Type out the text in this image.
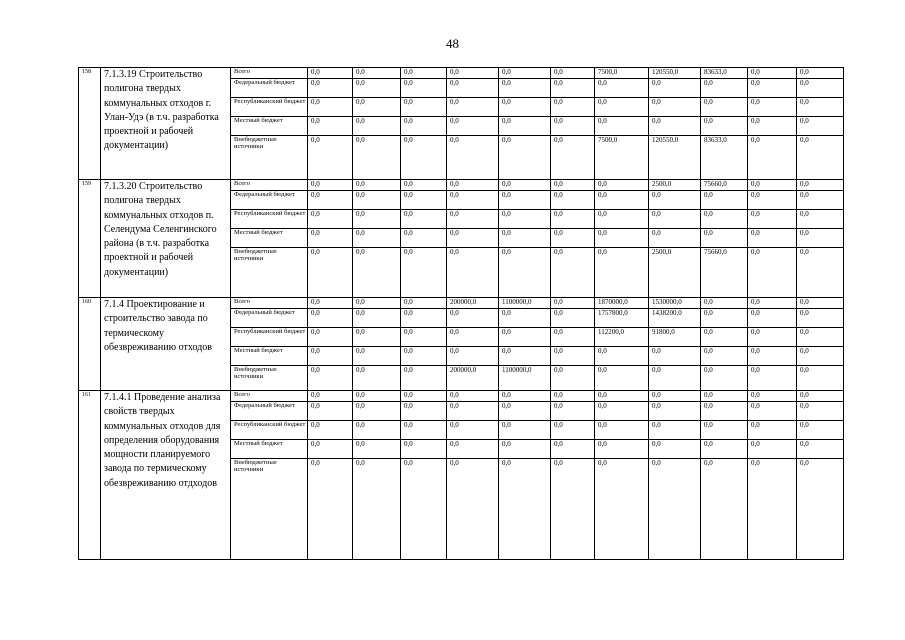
48
158	7.1.3.19 Строительство полигона твердых коммунальных отходов г. Улан-Удэ (в т.ч. разработка проектной и рабочей документации)	Всего	0,0	0,0	0,0	0,0	0,0	0,0	7500,0	120550,0	83633,0	0,0	0,0
		Федеральный бюджет	0,0	0,0	0,0	0,0	0,0	0,0	0,0	0,0	0,0	0,0	0,0
		Республиканский бюджет	0,0	0,0	0,0	0,0	0,0	0,0	0,0	0,0	0,0	0,0	0,0
		Местный бюджет	0,0	0,0	0,0	0,0	0,0	0,0	0,0	0,0	0,0	0,0	0,0
		Внебюджетные источники	0,0	0,0	0,0	0,0	0,0	0,0	7500,0	120550,0	83633,0	0,0	0,0
159	7.1.3.20 Строительство полигона твердых коммунальных отходов п. Селендума Селенгинского района (в т.ч. разработка проектной и рабочей документации)	Всего	0,0	0,0	0,0	0,0	0,0	0,0	0,0	2500,0	75660,0	0,0	0,0
		Федеральный бюджет	0,0	0,0	0,0	0,0	0,0	0,0	0,0	0,0	0,0	0,0	0,0
		Республиканский бюджет	0,0	0,0	0,0	0,0	0,0	0,0	0,0	0,0	0,0	0,0	0,0
		Местный бюджет	0,0	0,0	0,0	0,0	0,0	0,0	0,0	0,0	0,0	0,0	0,0
		Внебюджетные источники	0,0	0,0	0,0	0,0	0,0	0,0	0,0	2500,0	75660,0	0,0	0,0
160	7.1.4 Проектирование и строительство завода по термическому обезвреживанию отходов	Всего	0,0	0,0	0,0	200000,0	1100000,0	0,0	1870000,0	1530000,0	0,0	0,0	0,0
		Федеральный бюджет	0,0	0,0	0,0	0,0	0,0	0,0	1757800,0	1438200,0	0,0	0,0	0,0
		Республиканский бюджет	0,0	0,0	0,0	0,0	0,0	0,0	112200,0	91800,0	0,0	0,0	0,0
		Местный бюджет	0,0	0,0	0,0	0,0	0,0	0,0	0,0	0,0	0,0	0,0	0,0
		Внебюджетные источники	0,0	0,0	0,0	200000,0	1100000,0	0,0	0,0	0,0	0,0	0,0	0,0
161	7.1.4.1 Проведение анализа свойств твердых коммунальных отходов для определения оборудования мощности планируемого завода по термическому обезвреживанию отдходов	Всего	0,0	0,0	0,0	0,0	0,0	0,0	0,0	0,0	0,0	0,0	0,0
		Федеральный бюджет	0,0	0,0	0,0	0,0	0,0	0,0	0,0	0,0	0,0	0,0	0,0
		Республиканский бюджет	0,0	0,0	0,0	0,0	0,0	0,0	0,0	0,0	0,0	0,0	0,0
		Местный бюджет	0,0	0,0	0,0	0,0	0,0	0,0	0,0	0,0	0,0	0,0	0,0
		Внебюджетные источники	0,0	0,0	0,0	0,0	0,0	0,0	0,0	0,0	0,0	0,0	0,0
